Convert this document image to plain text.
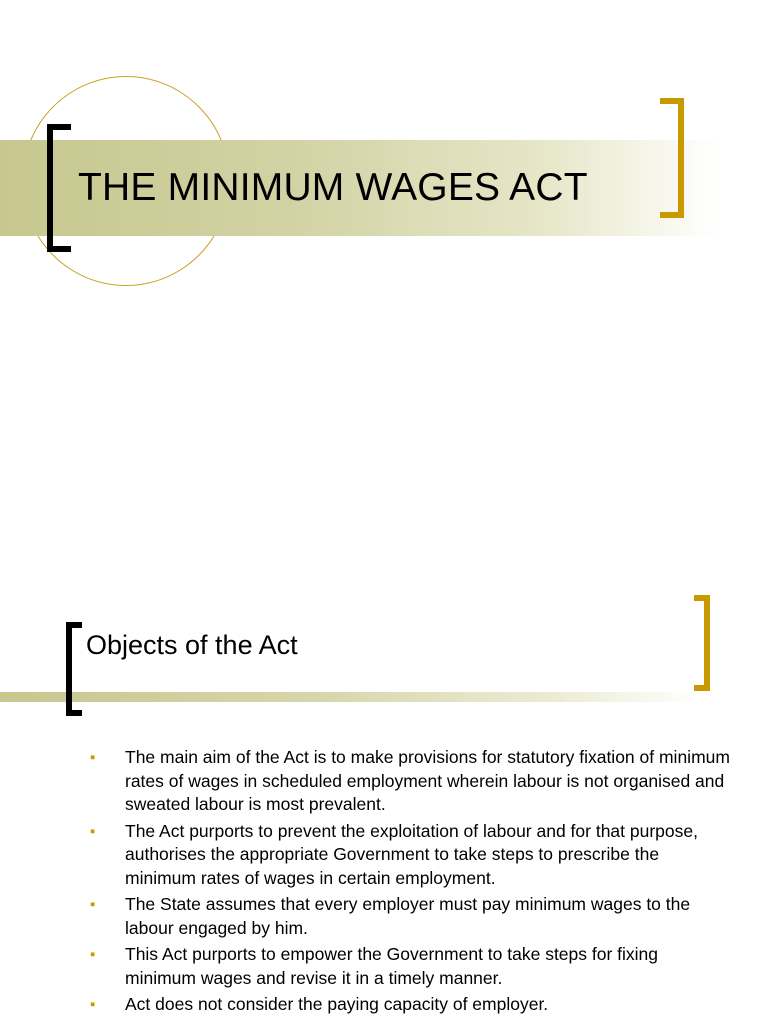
THE MINIMUM WAGES ACT
Objects of the Act
▪ The main aim of the Act is to make provisions for statutory fixation of minimum rates of wages in scheduled employment wherein labour is not organised and sweated labour is most prevalent.
▪ The Act purports to prevent the exploitation of labour and for that purpose, authorises the appropriate Government to take steps to prescribe the minimum rates of wages in certain employment.
▪ The State assumes that every employer must pay minimum wages to the labour engaged by him.
▪ This Act purports to empower the Government to take steps for fixing minimum wages and revise it in a timely manner.
▪ Act does not consider the paying capacity of employer.
